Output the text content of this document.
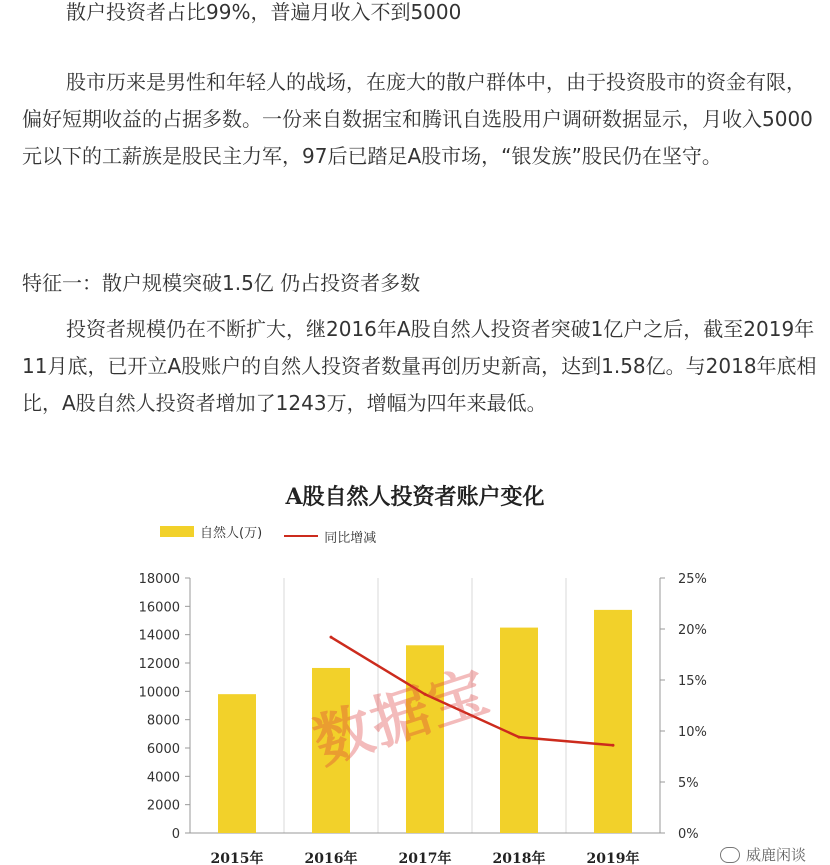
散户投资者占比99%，普遍月收入不到5000

股市历来是男性和年轻人的战场，在庞大的散户群体中，由于投资股市的资金有限，偏好短期收益的占据多数。一份来自数据宝和腾讯自选股用户调研数据显示，月收入5000元以下的工薪族是股民主力军，97后已踏足A股市场，“银发族”股民仍在坚守。

特征一：散户规模突破1.5亿 仍占投资者多数

投资者规模仍在不断扩大，继2016年A股自然人投资者突破1亿户之后，截至2019年11月底，已开立A股账户的自然人投资者数量再创历史新高，达到1.58亿。与2018年底相比，A股自然人投资者增加了1243万，增幅为四年来最低。

0
2000
4000
6000
8000
10000
12000
14000
16000
18000
0%
5%
10%
15%
20%
25%
2015年	2016年	2017年	2018年	2019年
A股自然人投资者账户变化
自然人(万)
	同比增减
数据宝
威鹿闲谈
